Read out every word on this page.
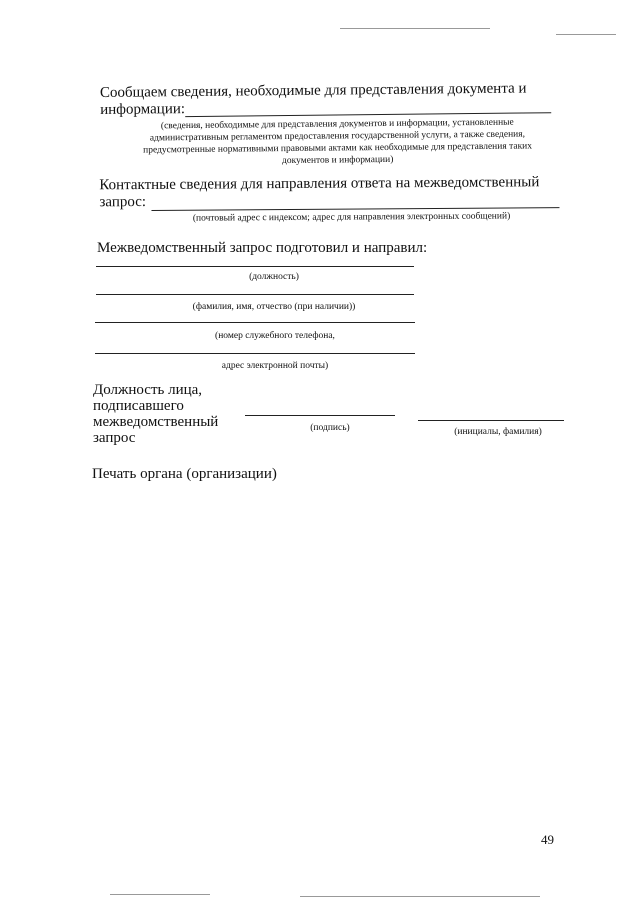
Сообщаем сведения, необходимые для представления документа и
информации:
(сведения, необходимые для представления документов и информации, установленные
административным регламентом предоставления государственной услуги, а также сведения,
предусмотренные нормативными правовыми актами как необходимые для представления таких
документов и информации)
Контактные сведения для направления ответа на межведомственный
запрос:
(почтовый адрес с индексом; адрес для направления электронных сообщений)
Межведомственный запрос подготовил и направил:
(должность)
(фамилия, имя, отчество (при наличии))
(номер служебного телефона,
адрес электронной почты)
Должность лица,
подписавшего
межведомственный
запрос
(подпись)	(инициалы, фамилия)
Печать органа (организации)
49
